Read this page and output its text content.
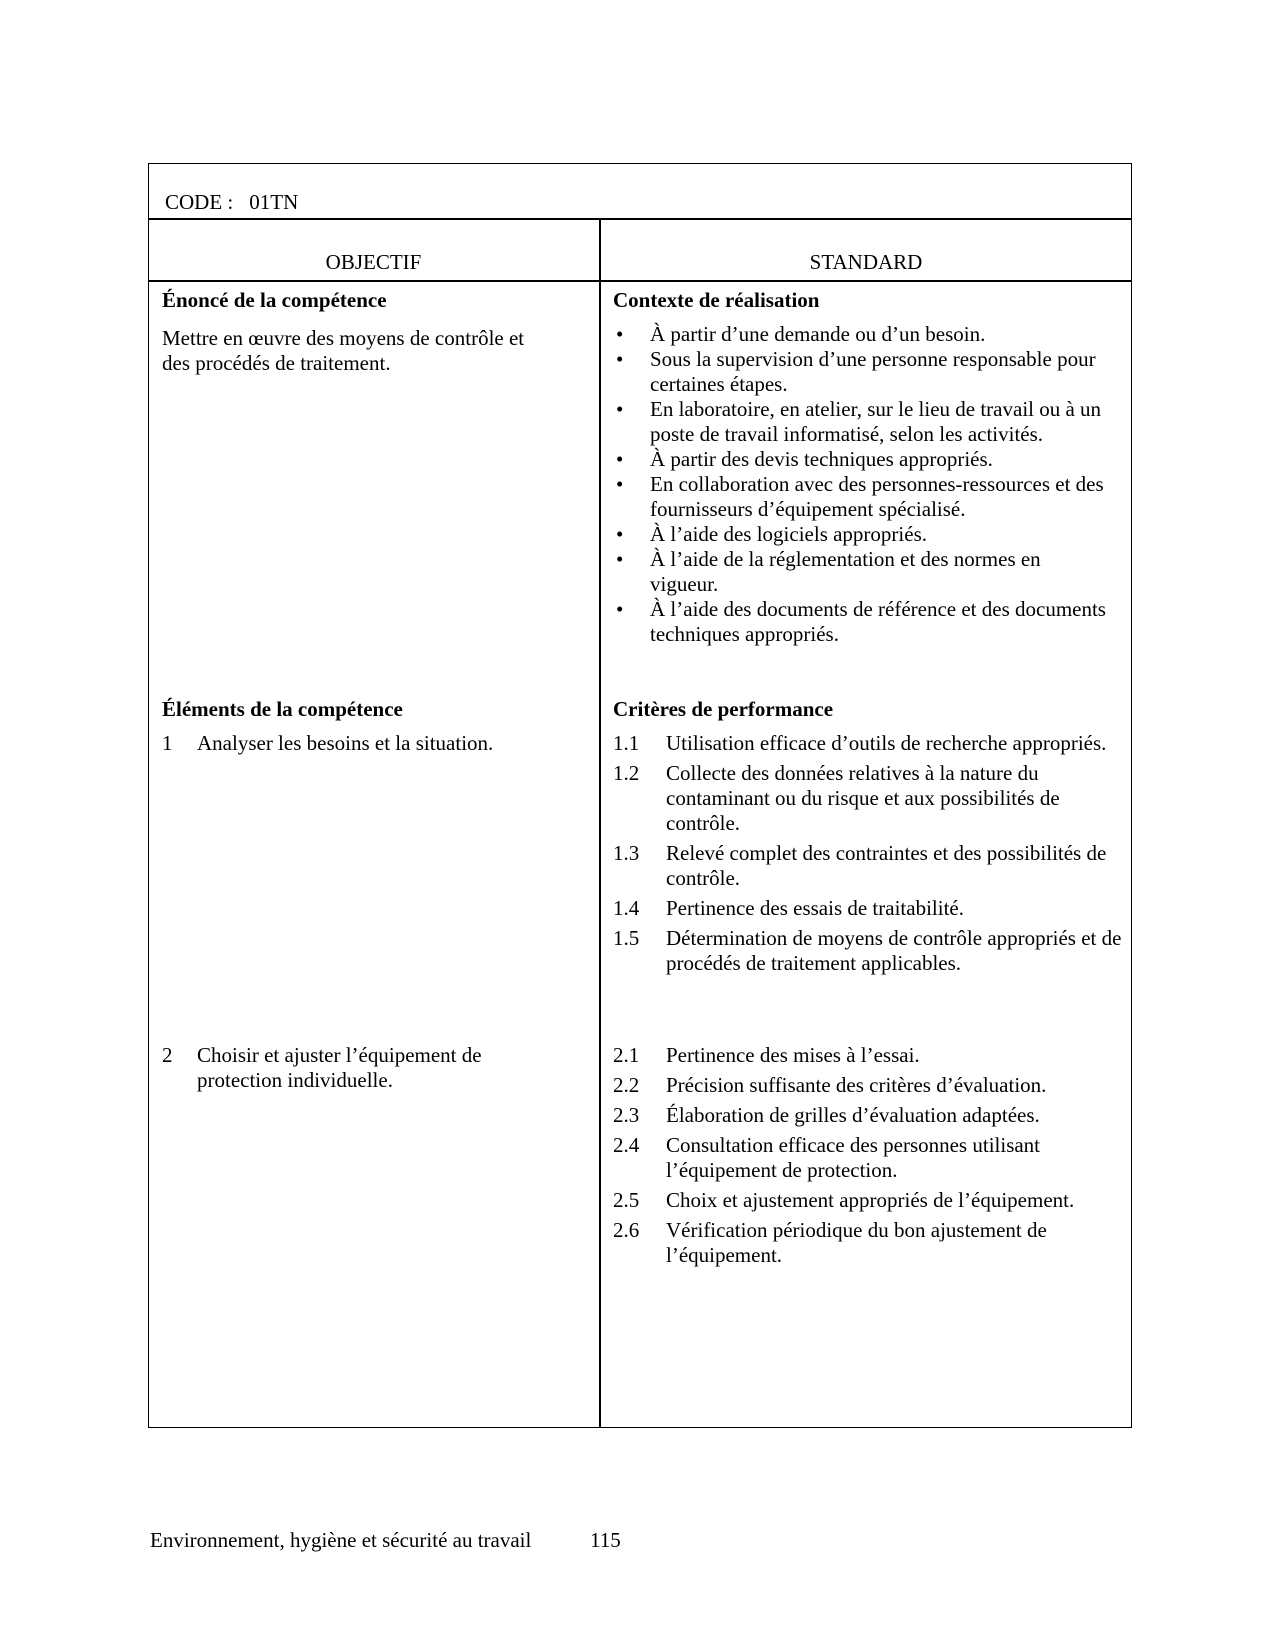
CODE : 01TN
OBJECTIF	STANDARD
Énoncé de la compétence
Mettre en œuvre des moyens de contrôle et
des procédés de traitement.
Contexte de réalisation
• À partir d’une demande ou d’un besoin.
• Sous la supervision d’une personne responsable pour certaines étapes.
• En laboratoire, en atelier, sur le lieu de travail ou à un poste de travail informatisé, selon les activités.
• À partir des devis techniques appropriés.
• En collaboration avec des personnes-ressources et des fournisseurs d’équipement spécialisé.
• À l’aide des logiciels appropriés.
• À l’aide de la réglementation et des normes en vigueur.
• À l’aide des documents de référence et des documents techniques appropriés.
Éléments de la compétence
1 Analyser les besoins et la situation.
2 Choisir et ajuster l’équipement de protection individuelle.
Critères de performance
1.1 Utilisation efficace d’outils de recherche appropriés.
1.2 Collecte des données relatives à la nature du contaminant ou du risque et aux possibilités de contrôle.
1.3 Relevé complet des contraintes et des possibilités de contrôle.
1.4 Pertinence des essais de traitabilité.
1.5 Détermination de moyens de contrôle appropriés et de procédés de traitement applicables.
2.1 Pertinence des mises à l’essai.
2.2 Précision suffisante des critères d’évaluation.
2.3 Élaboration de grilles d’évaluation adaptées.
2.4 Consultation efficace des personnes utilisant l’équipement de protection.
2.5 Choix et ajustement appropriés de l’équipement.
2.6 Vérification périodique du bon ajustement de l’équipement.
Environnement, hygiène et sécurité au travail	115
